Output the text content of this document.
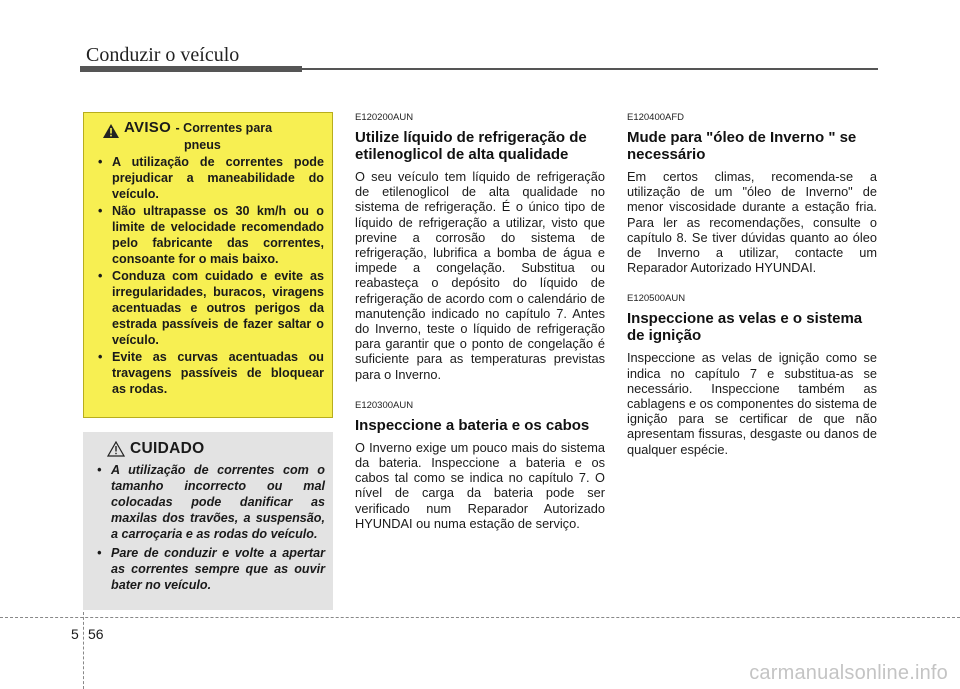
Conduzir o veículo
AVISO - Correntes para
pneus
• A utilização de correntes pode prejudicar a maneabilidade do veículo.
• Não ultrapasse os 30 km/h ou o limite de velocidade recomendado pelo fabricante das correntes, consoante for o mais baixo.
• Conduza com cuidado e evite as irregularidades, buracos, viragens acentuadas e outros perigos da estrada passíveis de fazer saltar o veículo.
• Evite as curvas acentuadas ou travagens passíveis de bloquear as rodas.
CUIDADO
• A utilização de correntes com o tamanho incorrecto ou mal colocadas pode danificar as maxilas dos travões, a suspensão, a carroçaria e as rodas do veículo.
• Pare de conduzir e volte a apertar as correntes sempre que as ouvir bater no veículo.
E120200AUN
Utilize líquido de refrigeração de etilenoglicol de alta qualidade
O seu veículo tem líquido de refrigeração de etilenoglicol de alta qualidade no sistema de refrigeração. É o único tipo de líquido de refrigeração a utilizar, visto que previne a corrosão do sistema de refrigeração, lubrifica a bomba de água e impede a congelação. Substitua ou reabasteça o depósito do líquido de refrigeração de acordo com o calendário de manutenção indicado no capítulo 7. Antes do Inverno, teste o líquido de refrigeração para garantir que o ponto de congelação é suficiente para as temperaturas previstas para o Inverno.
E120300AUN
Inspeccione a bateria e os cabos
O Inverno exige um pouco mais do sistema da bateria. Inspeccione a bateria e os cabos tal como se indica no capítulo 7. O nível de carga da bateria pode ser verificado num Reparador Autorizado HYUNDAI ou numa estação de serviço.
E120400AFD
Mude para "óleo de Inverno " se necessário
Em certos climas, recomenda-se a utilização de um "óleo de Inverno" de menor viscosidade durante a estação fria. Para ler as recomendações, consulte o capítulo 8. Se tiver dúvidas quanto ao óleo de Inverno a utilizar, contacte um Reparador Autorizado HYUNDAI.
E120500AUN
Inspeccione as velas e o sistema de ignição
Inspeccione as velas de ignição como se indica no capítulo 7 e substitua-as se necessário. Inspeccione também as cablagens e os componentes do sistema de ignição para se certificar de que não apresentam fissuras, desgaste ou danos de qualquer espécie.
5 56
carmanualsonline.info
